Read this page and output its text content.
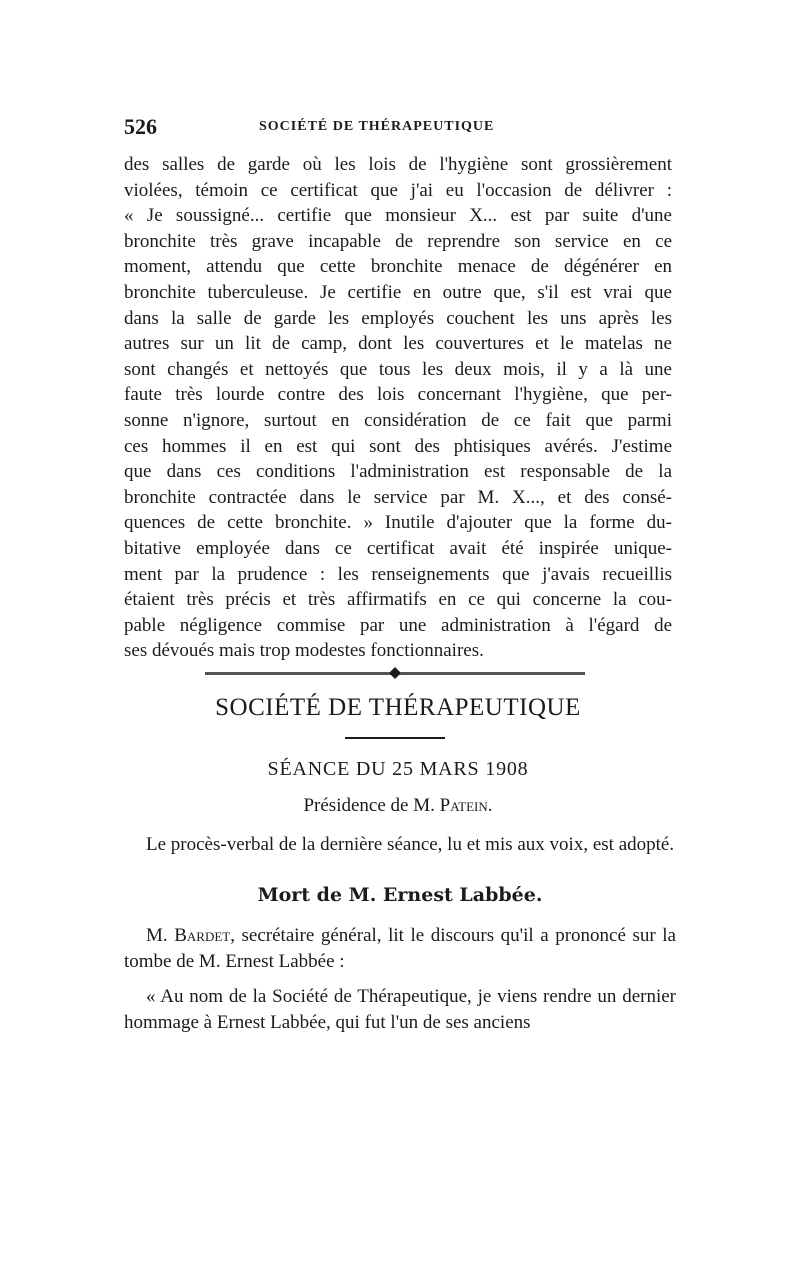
526	SOCIÉTÉ DE THÉRAPEUTIQUE

des salles de garde où les lois de l'hygiène sont grossièrement
violées, témoin ce certificat que j'ai eu l'occasion de délivrer :
« Je soussigné... certifie que monsieur X... est par suite d'une
bronchite très grave incapable de reprendre son service en ce
moment, attendu que cette bronchite menace de dégénérer en
bronchite tuberculeuse. Je certifie en outre que, s'il est vrai que
dans la salle de garde les employés couchent les uns après les
autres sur un lit de camp, dont les couvertures et le matelas ne
sont changés et nettoyés que tous les deux mois, il y a là une
faute très lourde contre des lois concernant l'hygiène, que per-
sonne n'ignore, surtout en considération de ce fait que parmi
ces hommes il en est qui sont des phtisiques avérés. J'estime
que dans ces conditions l'administration est responsable de la
bronchite contractée dans le service par M. X..., et des consé-
quences de cette bronchite. » Inutile d'ajouter que la forme du-
bitative employée dans ce certificat avait été inspirée unique-
ment par la prudence : les renseignements que j'avais recueillis
étaient très précis et très affirmatifs en ce qui concerne la cou-
pable négligence commise par une administration à l'égard de
ses dévoués mais trop modestes fonctionnaires.

SOCIÉTÉ DE THÉRAPEUTIQUE
SÉANCE DU 25 MARS 1908

Présidence de M. Patein.

Le procès-verbal de la dernière séance, lu et mis aux voix, est adopté.

Mort de M. Ernest Labbée.

M. Bardet, secrétaire général, lit le discours qu'il a prononcé sur la tombe de M. Ernest Labbée :

« Au nom de la Société de Thérapeutique, je viens rendre un dernier hommage à Ernest Labbée, qui fut l'un de ses anciens
